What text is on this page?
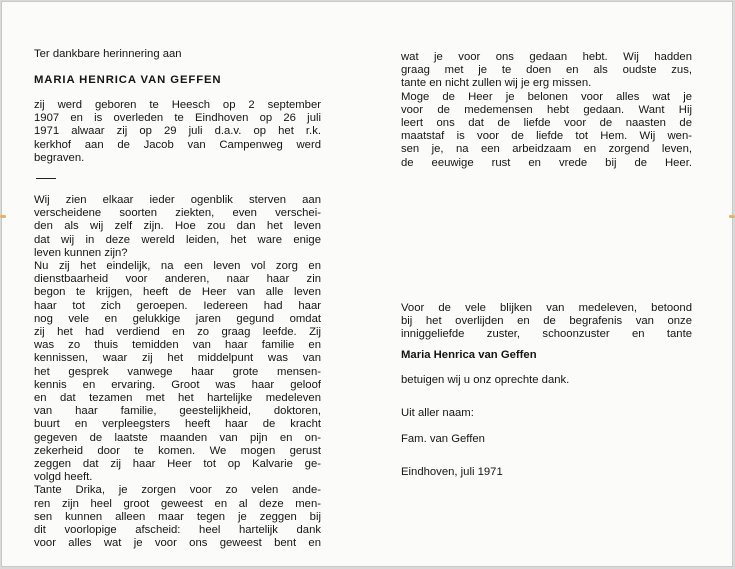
Ter dankbare herinnering aan
MARIA HENRICA VAN GEFFEN
zij werd geboren te Heesch op 2 september
1907 en is overleden te Eindhoven op 26 juli
1971 alwaar zij op 29 juli d.a.v. op het r.k.
kerkhof aan de Jacob van Campenweg werd
begraven.
Wij zien elkaar ieder ogenblik sterven aan
verscheidene soorten ziekten, even verschei-
den als wij zelf zijn. Hoe zou dan het leven
dat wij in deze wereld leiden, het ware enige
leven kunnen zijn?
Nu zij het eindelijk, na een leven vol zorg en
dienstbaarheid voor anderen, naar haar zin
begon te krijgen, heeft de Heer van alle leven
haar tot zich geroepen. Iedereen had haar
nog vele en gelukkige jaren gegund omdat
zij het had verdiend en zo graag leefde. Zij
was zo thuis temidden van haar familie en
kennissen, waar zij het middelpunt was van
het gesprek vanwege haar grote mensen-
kennis en ervaring. Groot was haar geloof
en dat tezamen met het hartelijke medeleven
van haar familie, geestelijkheid, doktoren,
buurt en verpleegsters heeft haar de kracht
gegeven de laatste maanden van pijn en on-
zekerheid door te komen. We mogen gerust
zeggen dat zij haar Heer tot op Kalvarie ge-
volgd heeft.
Tante Drika, je zorgen voor zo velen ande-
ren zijn heel groot geweest en al deze men-
sen kunnen alleen maar tegen je zeggen bij
dit voorlopige afscheid: heel hartelijk dank
voor alles wat je voor ons geweest bent en
wat je voor ons gedaan hebt. Wij hadden
graag met je te doen en als oudste zus,
tante en nicht zullen wij je erg missen.
Moge de Heer je belonen voor alles wat je
voor de medemensen hebt gedaan. Want Hij
leert ons dat de liefde voor de naasten de
maatstaf is voor de liefde tot Hem. Wij wen-
sen je, na een arbeidzaam en zorgend leven,
de eeuwige rust en vrede bij de Heer.
Voor de vele blijken van medeleven, betoond
bij het overlijden en de begrafenis van onze
inniggeliefde zuster, schoonzuster en tante
Maria Henrica van Geffen
betuigen wij u onz oprechte dank.
Uit aller naam:
Fam. van Geffen
Eindhoven, juli 1971
